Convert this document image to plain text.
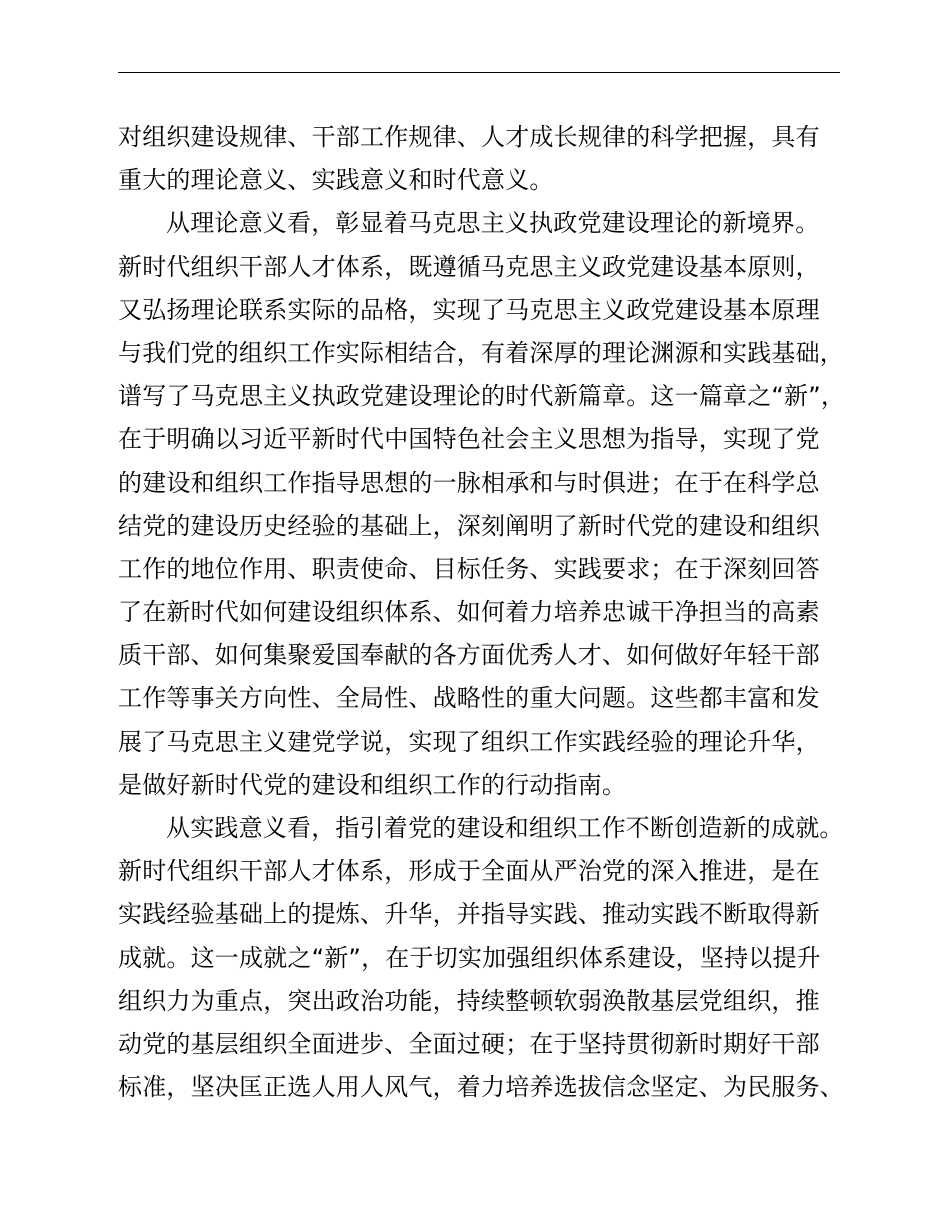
对组织建设规律、干部工作规律、人才成长规律的科学把握，具有
重大的理论意义、实践意义和时代意义。
从理论意义看，彰显着马克思主义执政党建设理论的新境界。
新时代组织干部人才体系，既遵循马克思主义政党建设基本原则，
又弘扬理论联系实际的品格，实现了马克思主义政党建设基本原理
与我们党的组织工作实际相结合，有着深厚的理论渊源和实践基础，
谱写了马克思主义执政党建设理论的时代新篇章。这一篇章之“新”，
在于明确以习近平新时代中国特色社会主义思想为指导，实现了党
的建设和组织工作指导思想的一脉相承和与时俱进；在于在科学总
结党的建设历史经验的基础上，深刻阐明了新时代党的建设和组织
工作的地位作用、职责使命、目标任务、实践要求；在于深刻回答
了在新时代如何建设组织体系、如何着力培养忠诚干净担当的高素
质干部、如何集聚爱国奉献的各方面优秀人才、如何做好年轻干部
工作等事关方向性、全局性、战略性的重大问题。这些都丰富和发
展了马克思主义建党学说，实现了组织工作实践经验的理论升华，
是做好新时代党的建设和组织工作的行动指南。
从实践意义看，指引着党的建设和组织工作不断创造新的成就。
新时代组织干部人才体系，形成于全面从严治党的深入推进，是在
实践经验基础上的提炼、升华，并指导实践、推动实践不断取得新
成就。这一成就之“新”，在于切实加强组织体系建设，坚持以提升
组织力为重点，突出政治功能，持续整顿软弱涣散基层党组织，推
动党的基层组织全面进步、全面过硬；在于坚持贯彻新时期好干部
标准，坚决匡正选人用人风气，着力培养选拔信念坚定、为民服务、
